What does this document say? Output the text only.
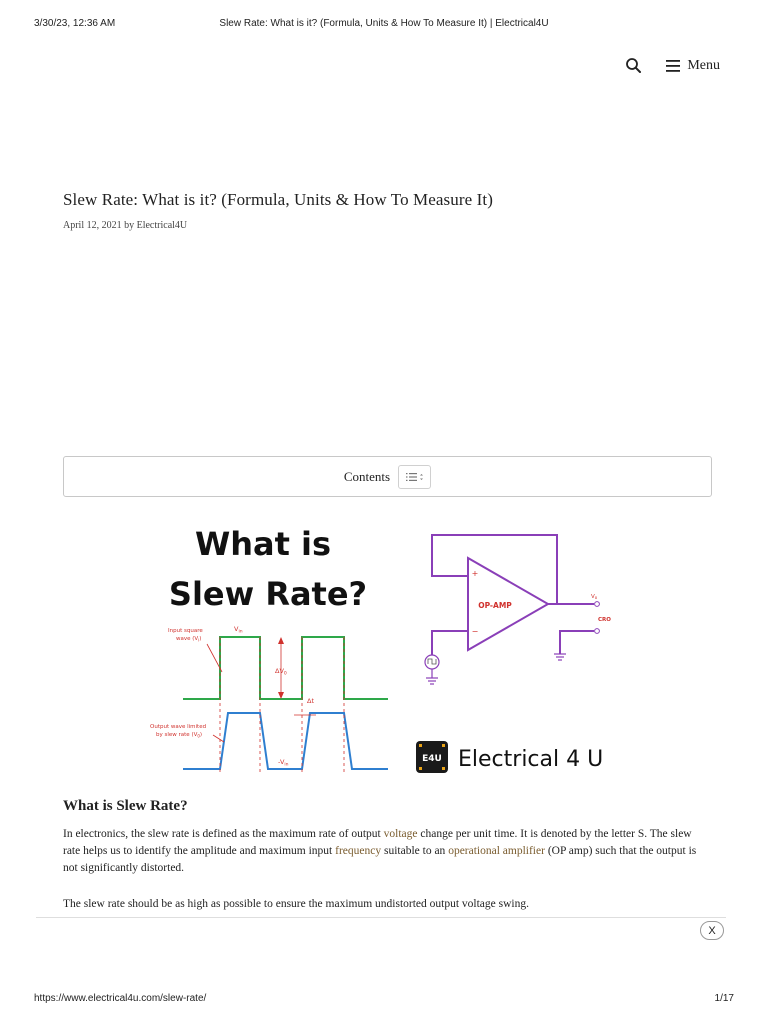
3/30/23, 12:36 AM	Slew Rate: What is it? (Formula, Units & How To Measure It) | Electrical4U
Menu
Slew Rate: What is it? (Formula, Units & How To Measure It)
April 12, 2021 by Electrical4U
Contents
What is
Slew Rate?
Input square
wave $(V_i)$
$V_{in}$
$\Delta V_0$
Δt
Output wave limited
by slew rate $(V_0)$
$-V_{in}$
OP-AMP
+
−
$V_o$
CRO
E4U Electrical 4 U
What is Slew Rate?

In electronics, the slew rate is defined as the maximum rate of output voltage change per unit time. It is denoted by the letter S. The slew rate helps us to identify the amplitude and maximum input frequency suitable to an operational amplifier (OP amp) such that the output is not significantly distorted.

The slew rate should be as high as possible to ensure the maximum undistorted output voltage swing.

X
https://www.electrical4u.com/slew-rate/	1/17
